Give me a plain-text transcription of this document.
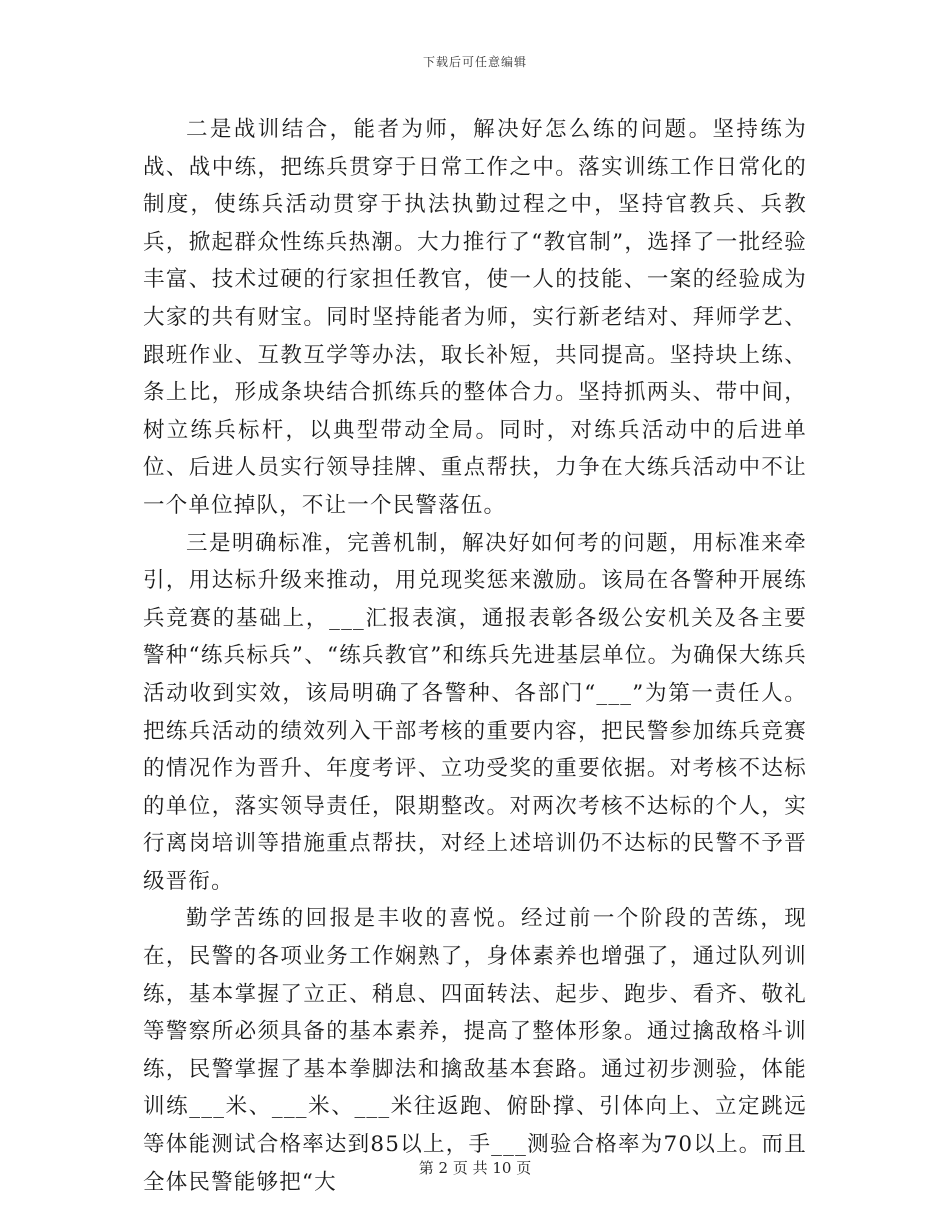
下载后可任意编辑

二是战训结合，能者为师，解决好怎么练的问题。坚持练为战、战中练，把练兵贯穿于日常工作之中。落实训练工作日常化的制度，使练兵活动贯穿于执法执勤过程之中，坚持官教兵、兵教兵，掀起群众性练兵热潮。大力推行了“教官制”，选择了一批经验丰富、技术过硬的行家担任教官，使一人的技能、一案的经验成为大家的共有财宝。同时坚持能者为师，实行新老结对、拜师学艺、跟班作业、互教互学等办法，取长补短，共同提高。坚持块上练、条上比，形成条块结合抓练兵的整体合力。坚持抓两头、带中间，树立练兵标杆，以典型带动全局。同时，对练兵活动中的后进单位、后进人员实行领导挂牌、重点帮扶，力争在大练兵活动中不让一个单位掉队，不让一个民警落伍。

三是明确标准，完善机制，解决好如何考的问题，用标准来牵引，用达标升级来推动，用兑现奖惩来激励。该局在各警种开展练兵竞赛的基础上，___汇报表演，通报表彰各级公安机关及各主要警种“练兵标兵”、“练兵教官”和练兵先进基层单位。为确保大练兵活动收到实效，该局明确了各警种、各部门“___”为第一责任人。把练兵活动的绩效列入干部考核的重要内容，把民警参加练兵竞赛的情况作为晋升、年度考评、立功受奖的重要依据。对考核不达标的单位，落实领导责任，限期整改。对两次考核不达标的个人，实行离岗培训等措施重点帮扶，对经上述培训仍不达标的民警不予晋级晋衔。

勤学苦练的回报是丰收的喜悦。经过前一个阶段的苦练，现在，民警的各项业务工作娴熟了，身体素养也增强了，通过队列训练，基本掌握了立正、稍息、四面转法、起步、跑步、看齐、敬礼等警察所必须具备的基本素养，提高了整体形象。通过擒敌格斗训练，民警掌握了基本拳脚法和擒敌基本套路。通过初步测验，体能训练___米、___米、___米往返跑、俯卧撑、引体向上、立定跳远等体能测试合格率达到85以上，手___测验合格率为70以上。而且全体民警能够把“大

第 2 页 共 10 页
